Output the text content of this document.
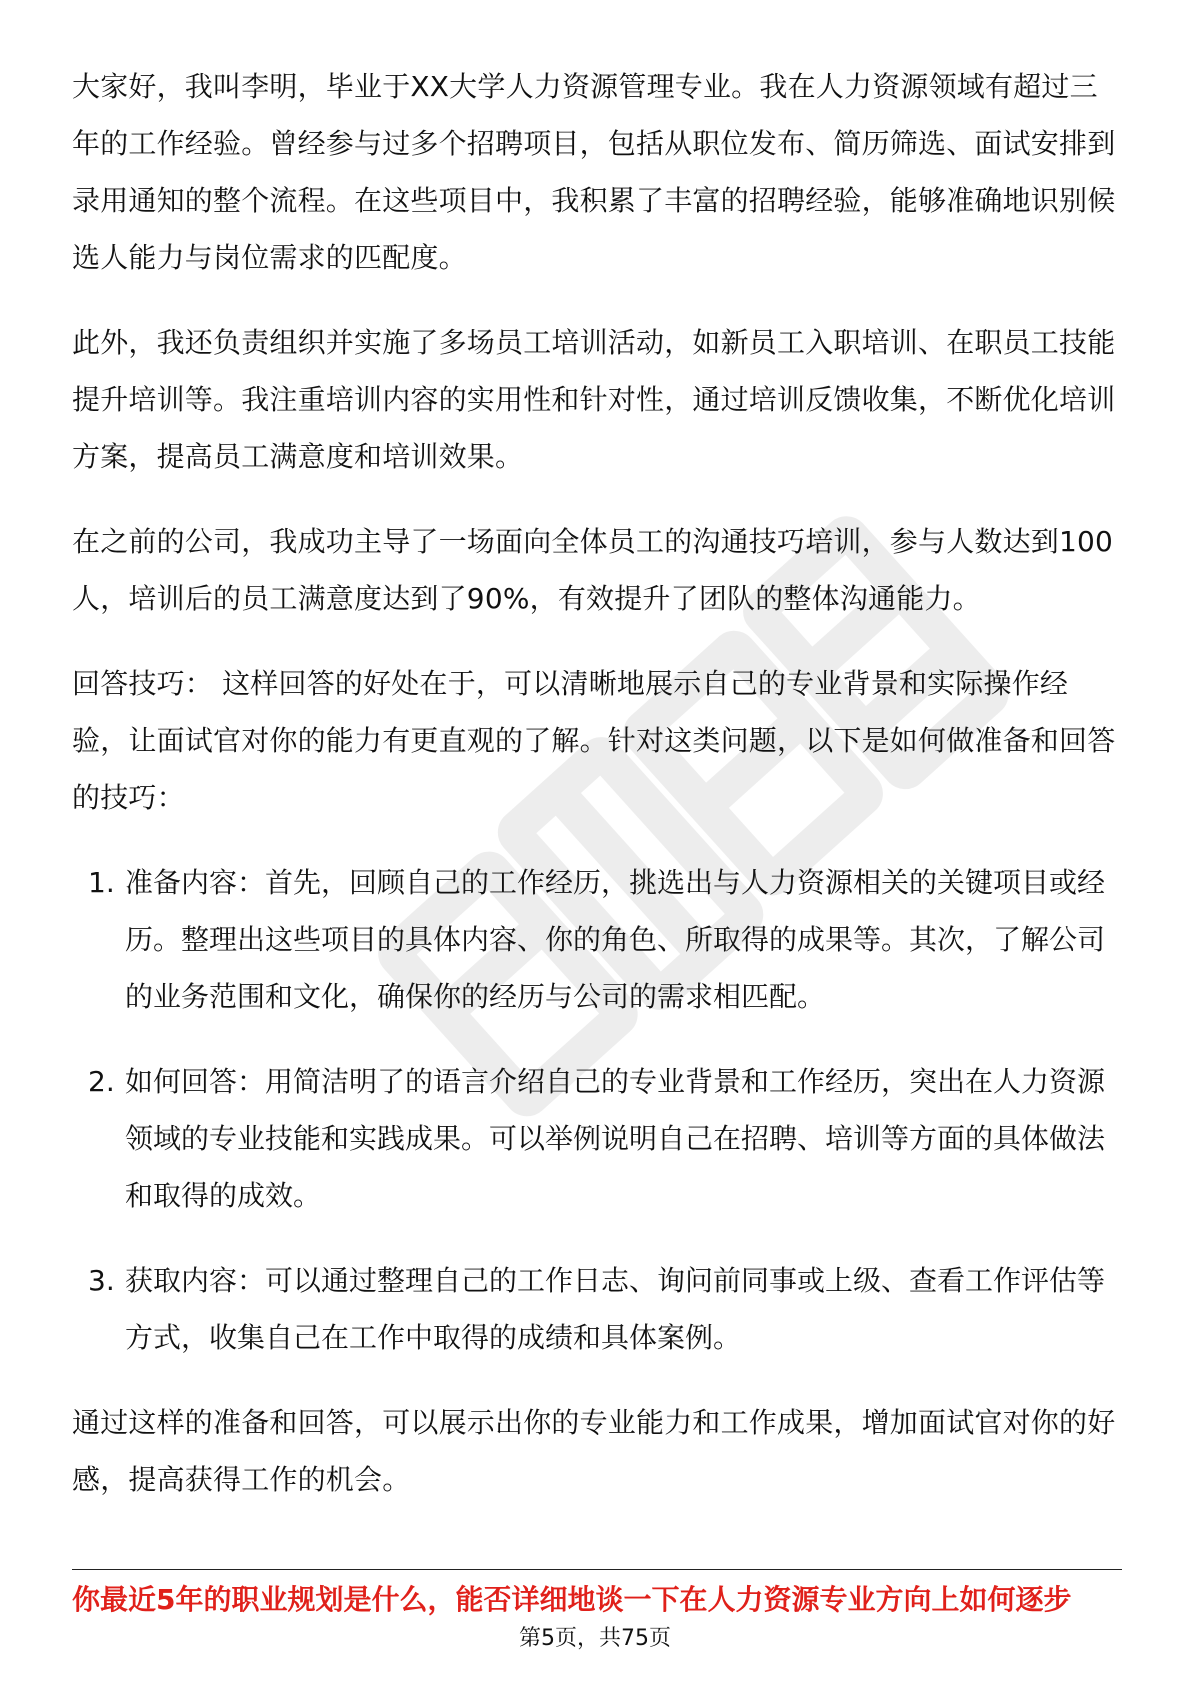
大家好，我叫李明，毕业于XX大学人力资源管理专业。我在人力资源领域有超过三年的工作经验。曾经参与过多个招聘项目，包括从职位发布、简历筛选、面试安排到录用通知的整个流程。在这些项目中，我积累了丰富的招聘经验，能够准确地识别候选人能力与岗位需求的匹配度。

此外，我还负责组织并实施了多场员工培训活动，如新员工入职培训、在职员工技能提升培训等。我注重培训内容的实用性和针对性，通过培训反馈收集，不断优化培训方案，提高员工满意度和培训效果。

在之前的公司，我成功主导了一场面向全体员工的沟通技巧培训，参与人数达到100人，培训后的员工满意度达到了90%，有效提升了团队的整体沟通能力。

回答技巧： 这样回答的好处在于，可以清晰地展示自己的专业背景和实际操作经验，让面试官对你的能力有更直观的了解。针对这类问题，以下是如何做准备和回答的技巧：

1. 准备内容：首先，回顾自己的工作经历，挑选出与人力资源相关的关键项目或经历。整理出这些项目的具体内容、你的角色、所取得的成果等。其次，了解公司的业务范围和文化，确保你的经历与公司的需求相匹配。
2. 如何回答：用简洁明了的语言介绍自己的专业背景和工作经历，突出在人力资源领域的专业技能和实践成果。可以举例说明自己在招聘、培训等方面的具体做法和取得的成效。
3. 获取内容：可以通过整理自己的工作日志、询问前同事或上级、查看工作评估等方式，收集自己在工作中取得的成绩和具体案例。

通过这样的准备和回答，可以展示出你的专业能力和工作成果，增加面试官对你的好感，提高获得工作的机会。

你最近5年的职业规划是什么，能否详细地谈一下在人力资源专业方向上如何逐步
第5页，共75页
